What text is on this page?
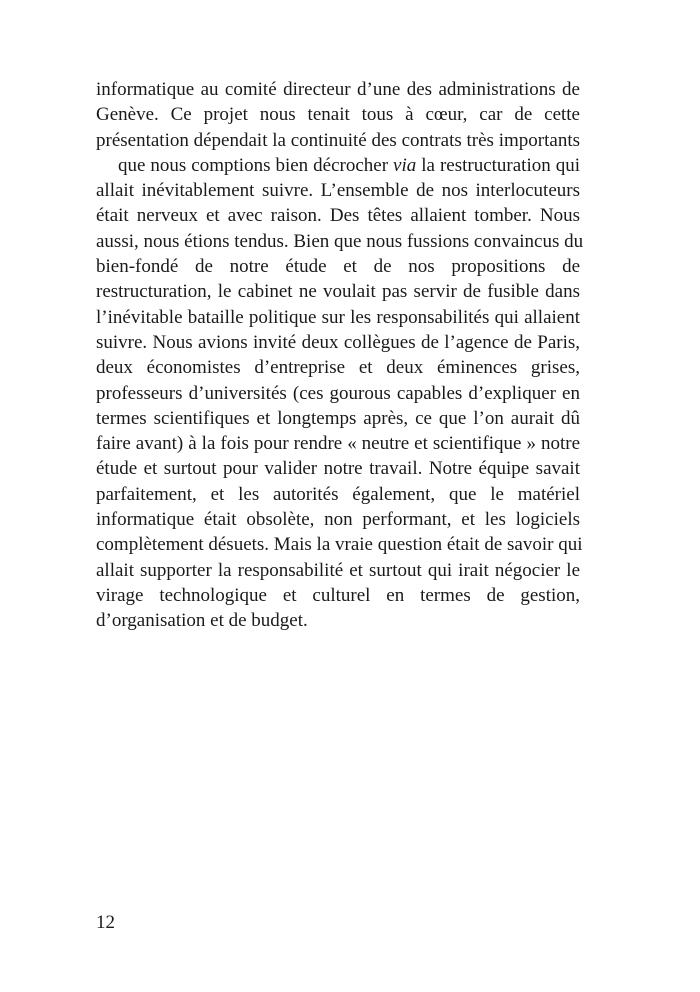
informatique au comité directeur d’une des administrations de
Genève. Ce projet nous tenait tous à cœur, car de cette
présentation dépendait la continuité des contrats très importants
que nous comptions bien décrocher via la restructuration qui
allait inévitablement suivre. L’ensemble de nos interlocuteurs
était nerveux et avec raison. Des têtes allaient tomber. Nous
aussi, nous étions tendus. Bien que nous fussions convaincus du
bien-fondé de notre étude et de nos propositions de
restructuration, le cabinet ne voulait pas servir de fusible dans
l’inévitable bataille politique sur les responsabilités qui allaient
suivre. Nous avions invité deux collègues de l’agence de Paris,
deux économistes d’entreprise et deux éminences grises,
professeurs d’universités (ces gourous capables d’expliquer en
termes scientifiques et longtemps après, ce que l’on aurait dû
faire avant) à la fois pour rendre « neutre et scientifique » notre
étude et surtout pour valider notre travail. Notre équipe savait
parfaitement, et les autorités également, que le matériel
informatique était obsolète, non performant, et les logiciels
complètement désuets. Mais la vraie question était de savoir qui
allait supporter la responsabilité et surtout qui irait négocier le
virage technologique et culturel en termes de gestion,
d’organisation et de budget.
12
